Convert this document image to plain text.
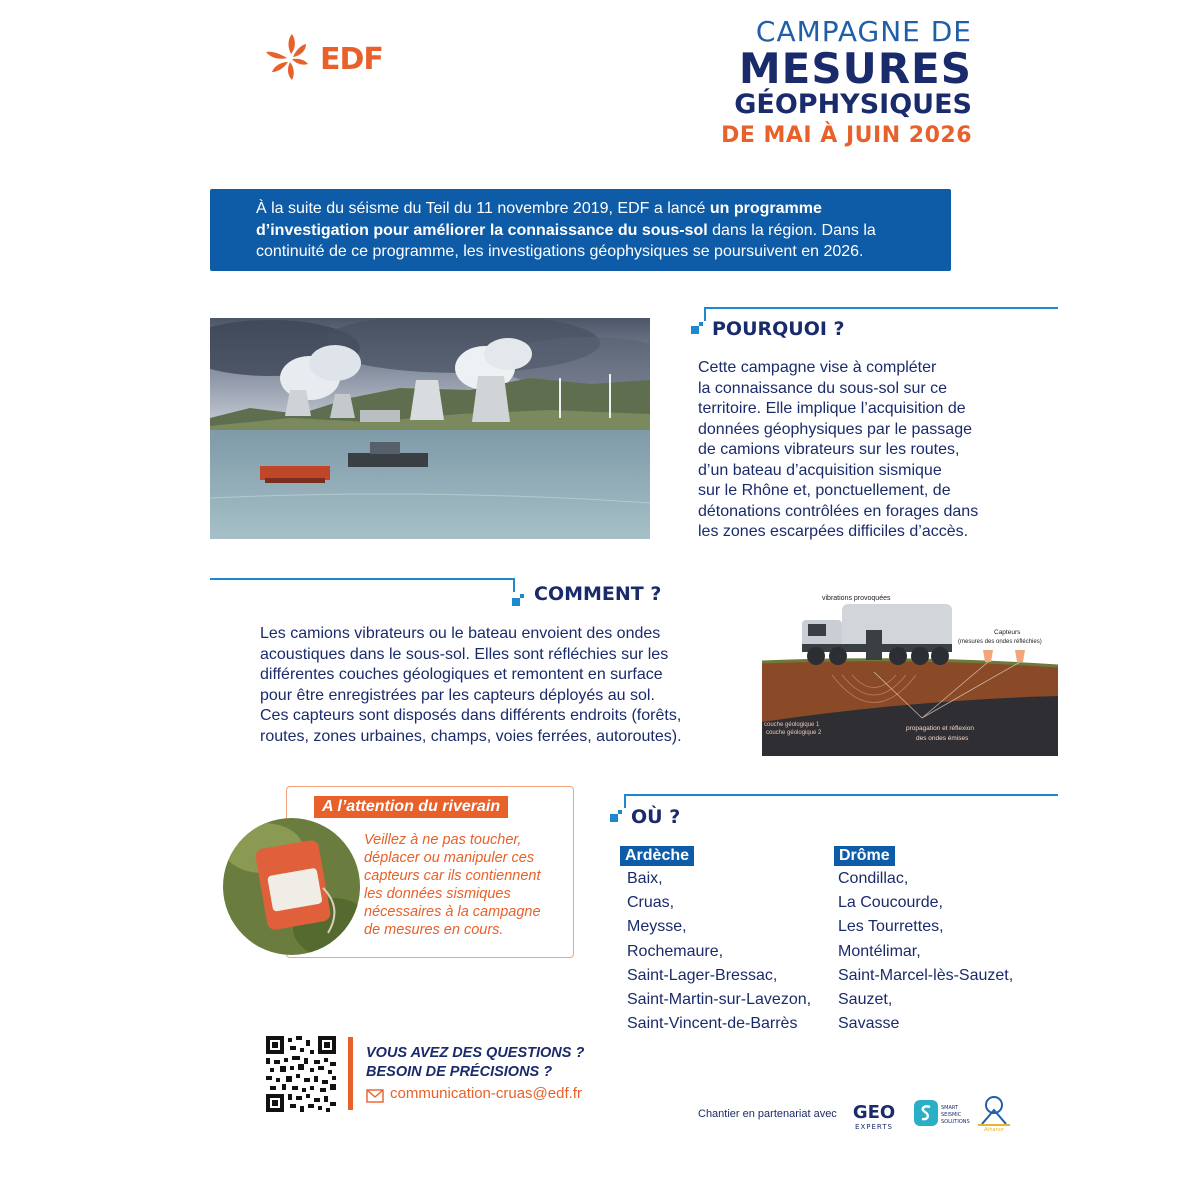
EDF
CAMPAGNE DE
MESURES
GÉOPHYSIQUES
DE MAI À JUIN 2026
À la suite du séisme du Teil du 11 novembre 2019, EDF a lancé un programme d’investigation pour améliorer la connaissance du sous-sol dans la région. Dans la continuité de ce programme, les investigations géophysiques se poursuivent en 2026.
POURQUOI ?
Cette campagne vise à compléter
la connaissance du sous-sol sur ce
territoire. Elle implique l’acquisition de
données géophysiques par le passage
de camions vibrateurs sur les routes,
d’un bateau d’acquisition sismique
sur le Rhône et, ponctuellement, de
détonations contrôlées en forages dans
les zones escarpées difficiles d’accès.
COMMENT ?
Les camions vibrateurs ou le bateau envoient des ondes
acoustiques dans le sous-sol. Elles sont réfléchies sur les
différentes couches géologiques et remontent en surface
pour être enregistrées par les capteurs déployés au sol.
Ces capteurs sont disposés dans différents endroits (forêts,
routes, zones urbaines, champs, voies ferrées, autoroutes).
vibrations provoquées
Capteurs
(mesures des ondes réfléchies)
couche géologique 1
couche géologique 2
propagation et réflexion
des ondes émises
A l’attention du riverain
Veillez à ne pas toucher,
déplacer ou manipuler ces
capteurs car ils contiennent
les données sismiques
nécessaires à la campagne
de mesures en cours.
OÙ ?
Ardèche
Baix,
Cruas,
Meysse,
Rochemaure,
Saint-Lager-Bressac,
Saint-Martin-sur-Lavezon,
Saint-Vincent-de-Barrès
Drôme
Condillac,
La Coucourde,
Les Tourrettes,
Montélimar,
Saint-Marcel-lès-Sauzet,
Sauzet,
Savasse
VOUS AVEZ DES QUESTIONS ?
BESOIN DE PRÉCISIONS ?
communication-cruas@edf.fr
Chantier en partenariat avec GEO
EXPERTS
SMART
SEISMIC
SOLUTIONS
Athanor
